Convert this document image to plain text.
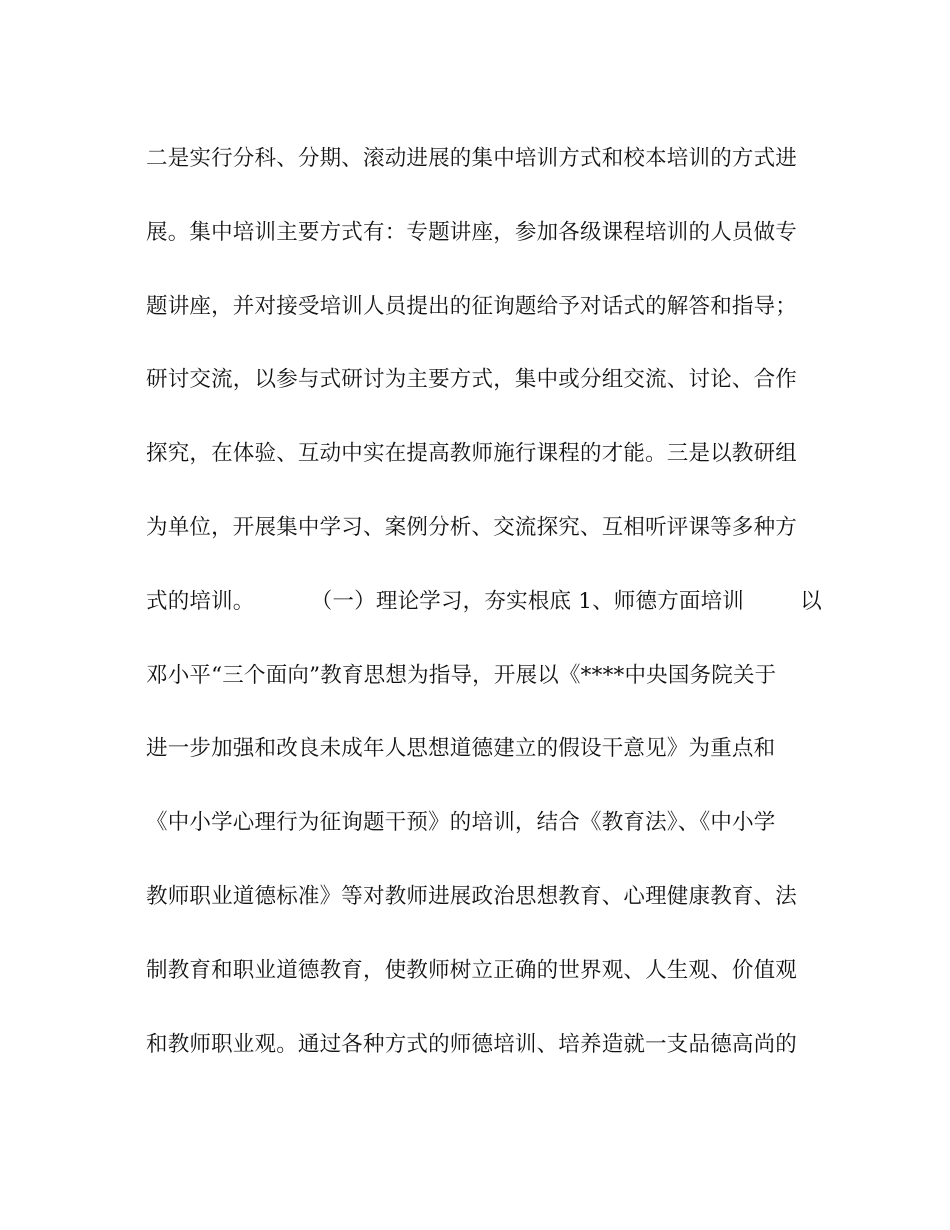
二是实行分科、分期、滚动进展的集中培训方式和校本培训的方式进
展。集中培训主要方式有：专题讲座，参加各级课程培训的人员做专
题讲座，并对接受培训人员提出的征询题给予对话式的解答和指导；
研讨交流，以参与式研讨为主要方式，集中或分组交流、讨论、合作
探究，在体验、互动中实在提高教师施行课程的才能。三是以教研组
为单位，开展集中学习、案例分析、交流探究、互相听评课等多种方
式的培训。        （一）理论学习，夯实根底 1、师德方面培训        以
邓小平“三个面向”教育思想为指导，开展以《****中央国务院关于
进一步加强和改良未成年人思想道德建立的假设干意见》为重点和
《中小学心理行为征询题干预》的培训，结合《教育法》、《中小学
教师职业道德标准》等对教师进展政治思想教育、心理健康教育、法
制教育和职业道德教育，使教师树立正确的世界观、人生观、价值观
和教师职业观。通过各种方式的师德培训、培养造就一支品德高尚的
